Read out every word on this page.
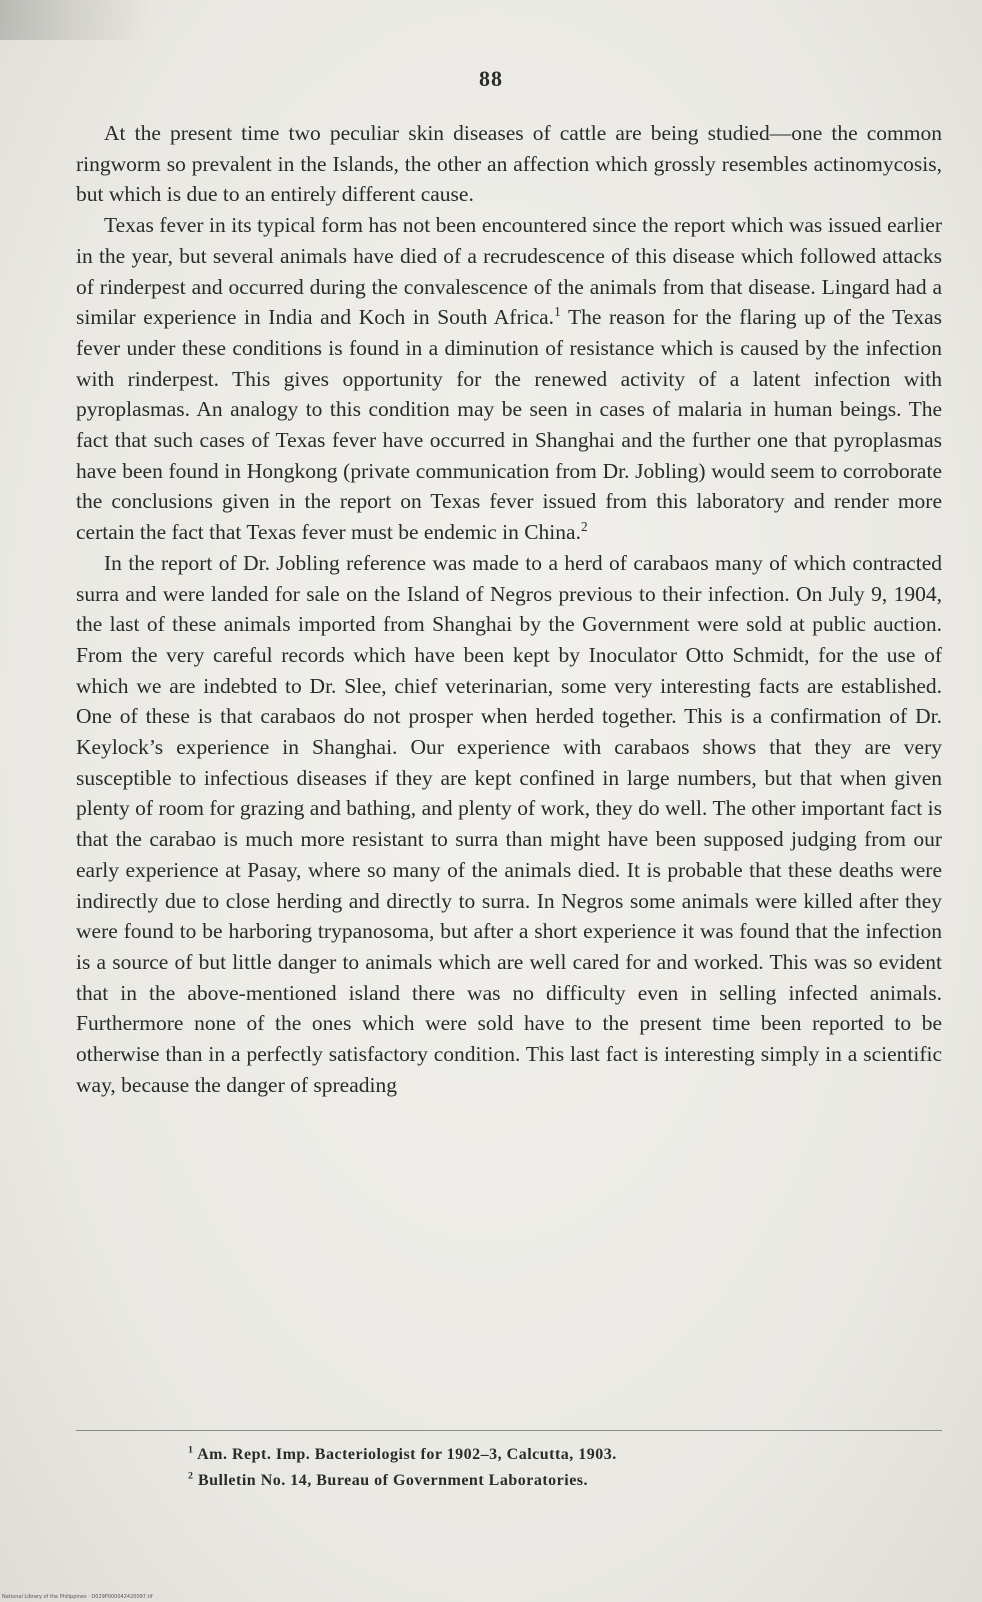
88

At the present time two peculiar skin diseases of cattle are being studied—one the common ringworm so prevalent in the Islands, the other an affection which grossly resembles actinomycosis, but which is due to an entirely different cause.

Texas fever in its typical form has not been encountered since the report which was issued earlier in the year, but several animals have died of a recrudescence of this disease which followed attacks of rinderpest and occurred during the convalescence of the animals from that disease. Lingard had a similar experience in India and Koch in South Africa.$^1$ The reason for the flaring up of the Texas fever under these conditions is found in a diminution of resistance which is caused by the infection with rinderpest. This gives opportunity for the renewed activity of a latent infection with pyroplasmas. An analogy to this condition may be seen in cases of malaria in human beings. The fact that such cases of Texas fever have occurred in Shanghai and the further one that pyroplasmas have been found in Hongkong (private communication from Dr. Jobling) would seem to corroborate the conclusions given in the report on Texas fever issued from this laboratory and render more certain the fact that Texas fever must be endemic in China.$^2$

In the report of Dr. Jobling reference was made to a herd of carabaos many of which contracted surra and were landed for sale on the Island of Negros previous to their infection. On July 9, 1904, the last of these animals imported from Shanghai by the Government were sold at public auction. From the very careful records which have been kept by Inoculator Otto Schmidt, for the use of which we are indebted to Dr. Slee, chief veterinarian, some very interesting facts are established. One of these is that carabaos do not prosper when herded together. This is a confirmation of Dr. Keylock’s experience in Shanghai. Our experience with carabaos shows that they are very susceptible to infectious diseases if they are kept confined in large numbers, but that when given plenty of room for grazing and bathing, and plenty of work, they do well. The other important fact is that the carabao is much more resistant to surra than might have been supposed judging from our early experience at Pasay, where so many of the animals died. It is probable that these deaths were indirectly due to close herding and directly to surra. In Negros some animals were killed after they were found to be harboring trypanosoma, but after a short experience it was found that the infection is a source of but little danger to animals which are well cared for and worked. This was so evident that in the above-mentioned island there was no difficulty even in selling infected animals. Furthermore none of the ones which were sold have to the present time been reported to be otherwise than in a perfectly satisfactory condition. This last fact is interesting simply in a scientific way, because the danger of spreading

$^1$ Am. Rept. Imp. Bacteriologist for 1902–3, Calcutta, 1903.
$^2$ Bulletin No. 14, Bureau of Government Laboratories.
National Library of the Philippines · D029P000042420097.tif
